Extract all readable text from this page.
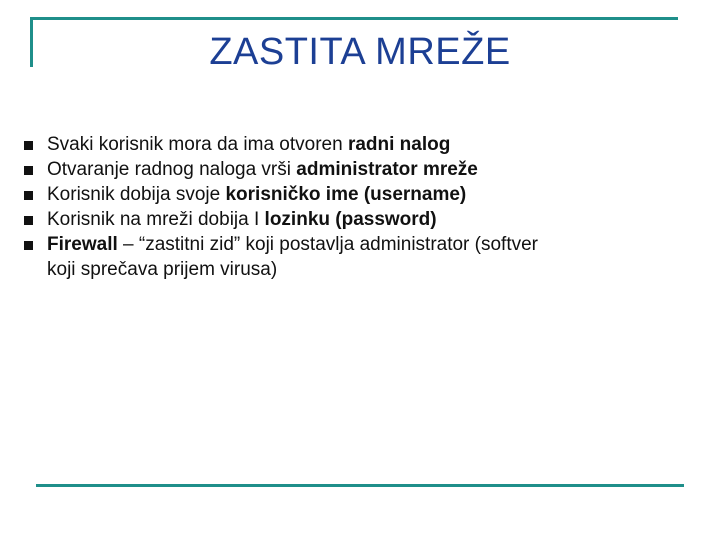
ZASTITA MREŽE
Svaki korisnik mora da ima otvoren radni nalog
Otvaranje radnog naloga vrši administrator mreže
Korisnik dobija svoje korisničko ime (username)
Korisnik na mreži dobija I lozinku (password)
Firewall – “zastitni zid” koji postavlja administrator (softver koji sprečava prijem virusa)
